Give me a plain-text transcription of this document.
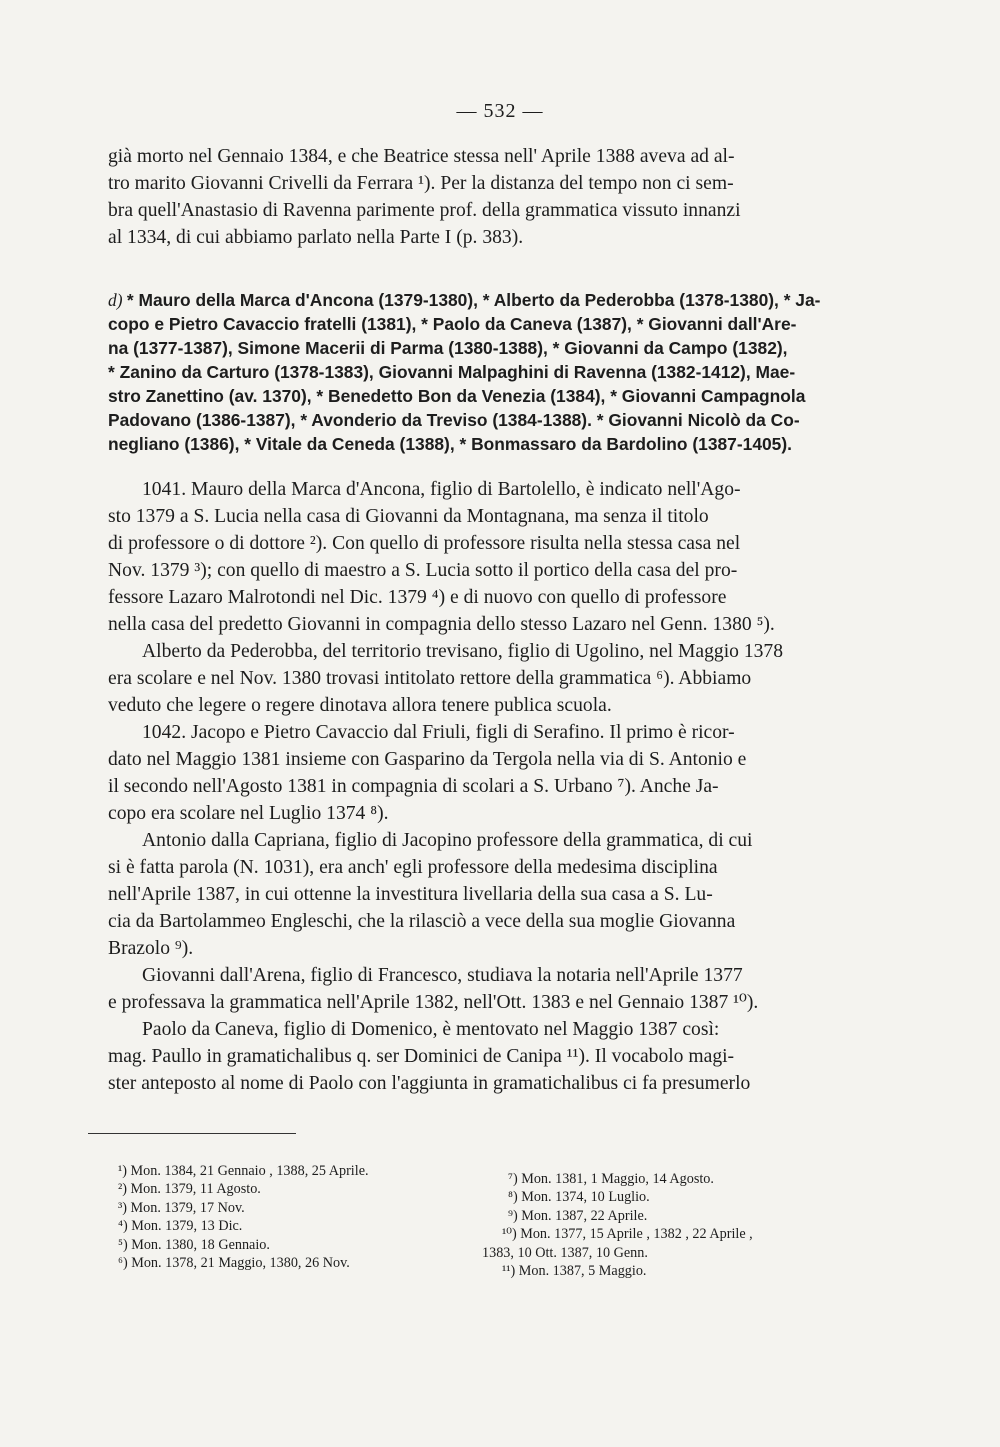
— 532 —
già morto nel Gennaio 1384, e che Beatrice stessa nell' Aprile 1388 aveva ad al-
tro marito Giovanni Crivelli da Ferrara ¹). Per la distanza del tempo non ci sem-
bra quell'Anastasio di Ravenna parimente prof. della grammatica vissuto innanzi
al 1334, di cui abbiamo parlato nella Parte I (p. 383).
d) * Mauro della Marca d'Ancona (1379-1380), * Alberto da Pederobba (1378-1380), * Ja-
copo e Pietro Cavaccio fratelli (1381), * Paolo da Caneva (1387), * Giovanni dall'Are-
na (1377-1387), Simone Macerii di Parma (1380-1388), * Giovanni da Campo (1382),
* Zanino da Carturo (1378-1383), Giovanni Malpaghini di Ravenna (1382-1412), Mae-
stro Zanettino (av. 1370), * Benedetto Bon da Venezia (1384), * Giovanni Campagnola
Padovano (1386-1387), * Avonderio da Treviso (1384-1388). * Giovanni Nicolò da Co-
negliano (1386), * Vitale da Ceneda (1388), * Bonmassaro da Bardolino (1387-1405).
1041. Mauro della Marca d'Ancona, figlio di Bartolello, è indicato nell'Ago-
sto 1379 a S. Lucia nella casa di Giovanni da Montagnana, ma senza il titolo
di professore o di dottore ²). Con quello di professore risulta nella stessa casa nel
Nov. 1379 ³); con quello di maestro a S. Lucia sotto il portico della casa del pro-
fessore Lazaro Malrotondi nel Dic. 1379 ⁴) e di nuovo con quello di professore
nella casa del predetto Giovanni in compagnia dello stesso Lazaro nel Genn. 1380 ⁵).
Alberto da Pederobba, del territorio trevisano, figlio di Ugolino, nel Maggio 1378
era scolare e nel Nov. 1380 trovasi intitolato rettore della grammatica ⁶). Abbiamo
veduto che legere o regere dinotava allora tenere publica scuola.
1042. Jacopo e Pietro Cavaccio dal Friuli, figli di Serafino. Il primo è ricor-
dato nel Maggio 1381 insieme con Gasparino da Tergola nella via di S. Antonio e
il secondo nell'Agosto 1381 in compagnia di scolari a S. Urbano ⁷). Anche Ja-
copo era scolare nel Luglio 1374 ⁸).
Antonio dalla Capriana, figlio di Jacopino professore della grammatica, di cui
si è fatta parola (N. 1031), era anch' egli professore della medesima disciplina
nell'Aprile 1387, in cui ottenne la investitura livellaria della sua casa a S. Lu-
cia da Bartolammeo Engleschi, che la rilasciò a vece della sua moglie Giovanna
Brazolo ⁹).
Giovanni dall'Arena, figlio di Francesco, studiava la notaria nell'Aprile 1377
e professava la grammatica nell'Aprile 1382, nell'Ott. 1383 e nel Gennaio 1387 ¹⁰).
Paolo da Caneva, figlio di Domenico, è mentovato nel Maggio 1387 così:
mag. Paullo in gramatichalibus q. ser Dominici de Canipa ¹¹). Il vocabolo magi-
ster anteposto al nome di Paolo con l'aggiunta in gramatichalibus ci fa presumerlo
¹) Mon. 1384, 21 Gennaio , 1388, 25 Aprile.
²) Mon. 1379, 11 Agosto.
³) Mon. 1379, 17 Nov.
⁴) Mon. 1379, 13 Dic.
⁵) Mon. 1380, 18 Gennaio.
⁶) Mon. 1378, 21 Maggio, 1380, 26 Nov.
⁷) Mon. 1381, 1 Maggio, 14 Agosto.
⁸) Mon. 1374, 10 Luglio.
⁹) Mon. 1387, 22 Aprile.
¹⁰) Mon. 1377, 15 Aprile , 1382 , 22 Aprile ,
1383, 10 Ott. 1387, 10 Genn.
¹¹) Mon. 1387, 5 Maggio.
